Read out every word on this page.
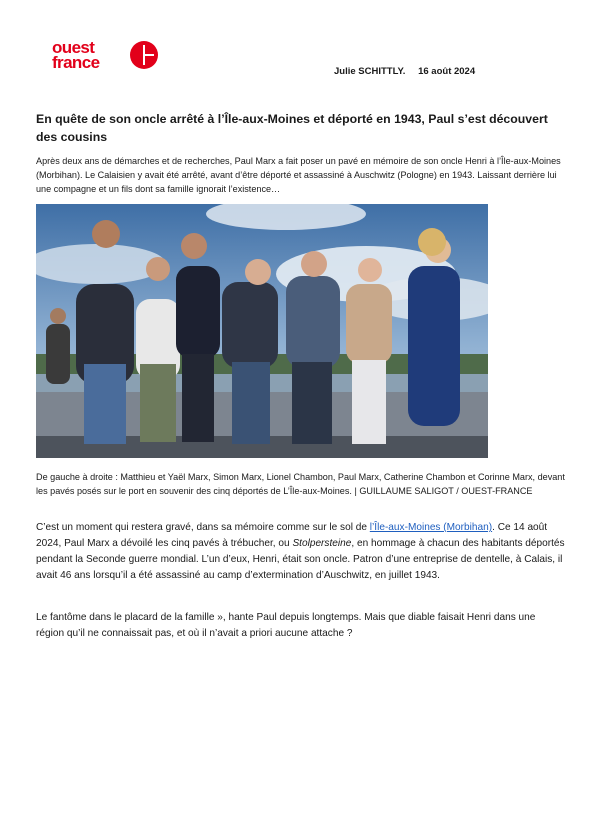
ouest
france	Julie SCHITTLY. 16 août 2024
En quête de son oncle arrêté à l’Île-aux-Moines et déporté en 1943, Paul s’est découvert des cousins

Après deux ans de démarches et de recherches, Paul Marx a fait poser un pavé en mémoire de son oncle Henri à l’Île-aux-Moines (Morbihan). Le Calaisien y avait été arrêté, avant d’être déporté et assassiné à Auschwitz (Pologne) en 1943. Laissant derrière lui une compagne et un fils dont sa famille ignorait l’existence…

De gauche à droite : Matthieu et Yaël Marx, Simon Marx, Lionel Chambon, Paul Marx, Catherine Chambon et Corinne Marx, devant les pavés posés sur le port en souvenir des cinq déportés de L’Île-aux-Moines. | GUILLAUME SALIGOT / OUEST-FRANCE

C’est un moment qui restera gravé, dans sa mémoire comme sur le sol de l’Île-aux-Moines (Morbihan). Ce 14 août 2024, Paul Marx a dévoilé les cinq pavés à trébucher, ou Stolpersteine, en hommage à chacun des habitants déportés pendant la Seconde guerre mondial. L’un d’eux, Henri, était son oncle. Patron d’une entreprise de dentelle, à Calais, il avait 46 ans lorsqu’il a été assassiné au camp d’extermination d’Auschwitz, en juillet 1943.

Le fantôme dans le placard de la famille », hante Paul depuis longtemps. Mais que diable faisait Henri dans une région qu’il ne connaissait pas, et où il n’avait a priori aucune attache ?
